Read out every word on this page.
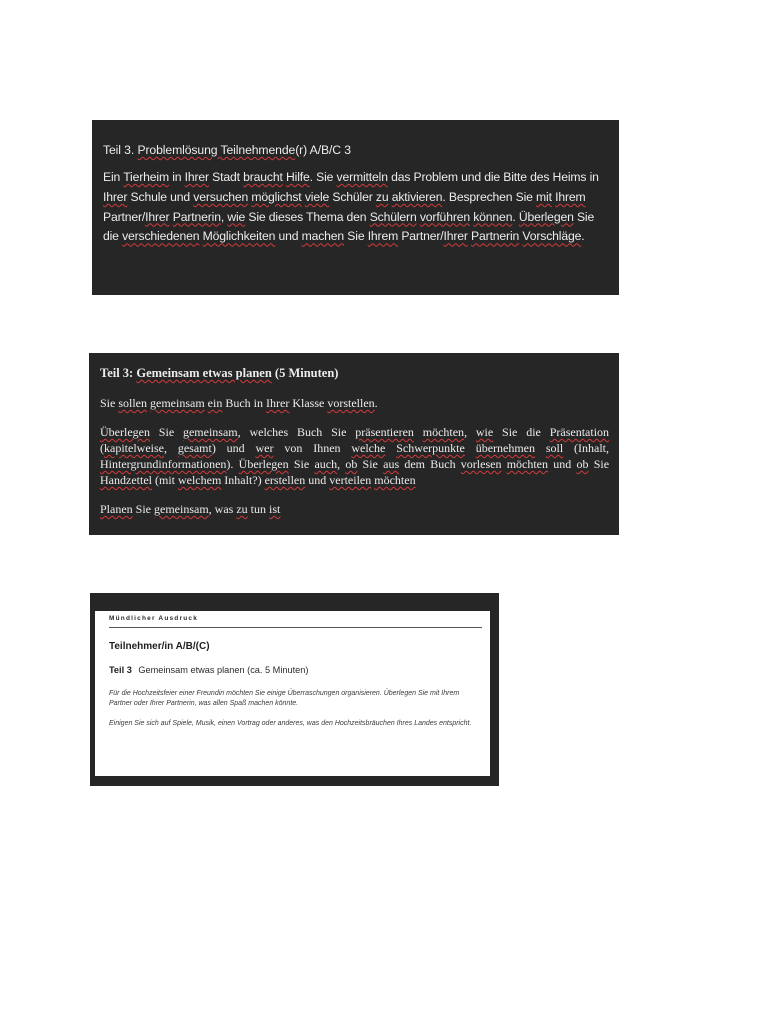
Teil 3. Problemlösung Teilnehmende(r) A/B/C 3

Ein Tierheim in Ihrer Stadt braucht Hilfe. Sie vermitteln das Problem und die Bitte des Heims in Ihrer Schule und versuchen möglichst viele Schüler zu aktivieren. Besprechen Sie mit Ihrem Partner/Ihrer Partnerin, wie Sie dieses Thema den Schülern vorführen können. Überlegen Sie die verschiedenen Möglichkeiten und machen Sie Ihrem Partner/Ihrer Partnerin Vorschläge.

Teil 3: Gemeinsam etwas planen (5 Minuten)

Sie sollen gemeinsam ein Buch in Ihrer Klasse vorstellen.

Überlegen Sie gemeinsam, welches Buch Sie präsentieren möchten, wie Sie die Präsentation (kapitelweise, gesamt) und wer von Ihnen welche Schwerpunkte übernehmen soll (Inhalt, Hintergrundinformationen). Überlegen Sie auch, ob Sie aus dem Buch vorlesen möchten und ob Sie Handzettel (mit welchem Inhalt?) erstellen und verteilen möchten

Planen Sie gemeinsam, was zu tun ist

Mündlicher Ausdruck
Teilnehmer/in A/B/(C)
Teil 3 Gemeinsam etwas planen (ca. 5 Minuten)

Für die Hochzeitsfeier einer Freundin möchten Sie einige Überraschungen organisieren. Überlegen Sie mit Ihrem Partner oder Ihrer Partnerin, was allen Spaß machen könnte.

Einigen Sie sich auf Spiele, Musik, einen Vortrag oder anderes, was den Hochzeitsbräuchen Ihres Landes entspricht.
